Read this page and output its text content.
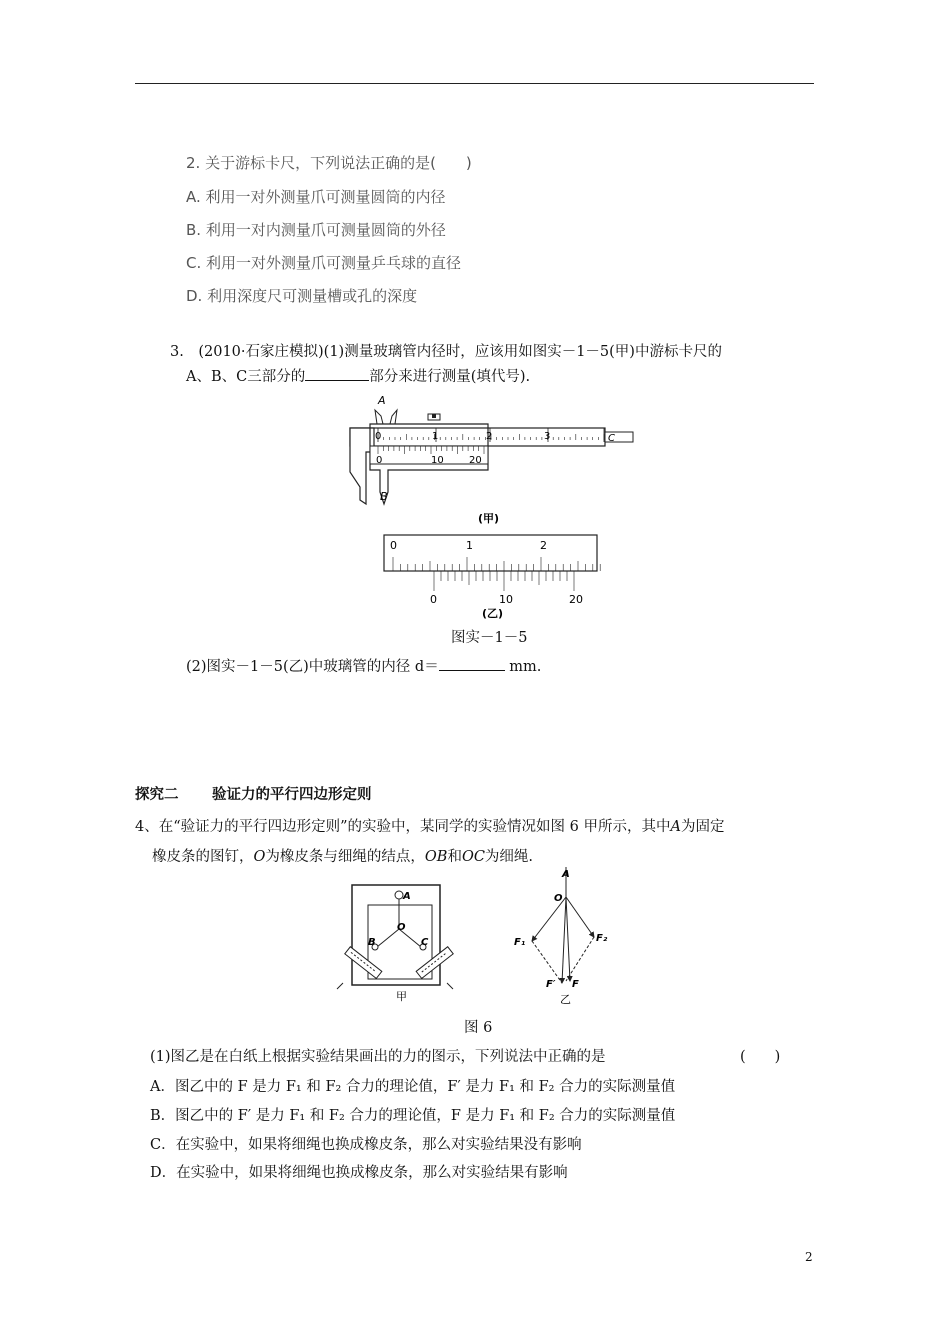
2. 关于游标卡尺，下列说法正确的是(　　)
A. 利用一对外测量爪可测量圆筒的内径
B. 利用一对内测量爪可测量圆筒的外径
C. 利用一对外测量爪可测量乒乓球的直径
D. 利用深度尺可测量槽或孔的深度
3.　(2010·石家庄模拟)(1)测量玻璃管内径时，应该用如图实－1－5(甲)中游标卡尺的
A、B、C三部分的	部分来进行测量(填代号).
0	1	2	3
0	10	20
A
B
C
(甲)
0	1	2
0	10	20
(乙)
图实－1－5
(2)图实－1－5(乙)中玻璃管的内径 d＝	mm.
探究二 验证力的平行四边形定则
4、在“验证力的平行四边形定则”的实验中，某同学的实验情况如图 6 甲所示，其中A为固定
橡皮条的图钉，O为橡皮条与细绳的结点，OB和OC为细绳.
A
O
B	C
甲
A
O
F₁	F₂
F′ F
乙
图 6
(1)图乙是在白纸上根据实验结果画出的力的图示，下列说法中正确的是	(　　)
A．图乙中的 F 是力 F₁ 和 F₂ 合力的理论值，F′ 是力 F₁ 和 F₂ 合力的实际测量值
B．图乙中的 F′ 是力 F₁ 和 F₂ 合力的理论值，F 是力 F₁ 和 F₂ 合力的实际测量值
C．在实验中，如果将细绳也换成橡皮条，那么对实验结果没有影响
D．在实验中，如果将细绳也换成橡皮条，那么对实验结果有影响
2
